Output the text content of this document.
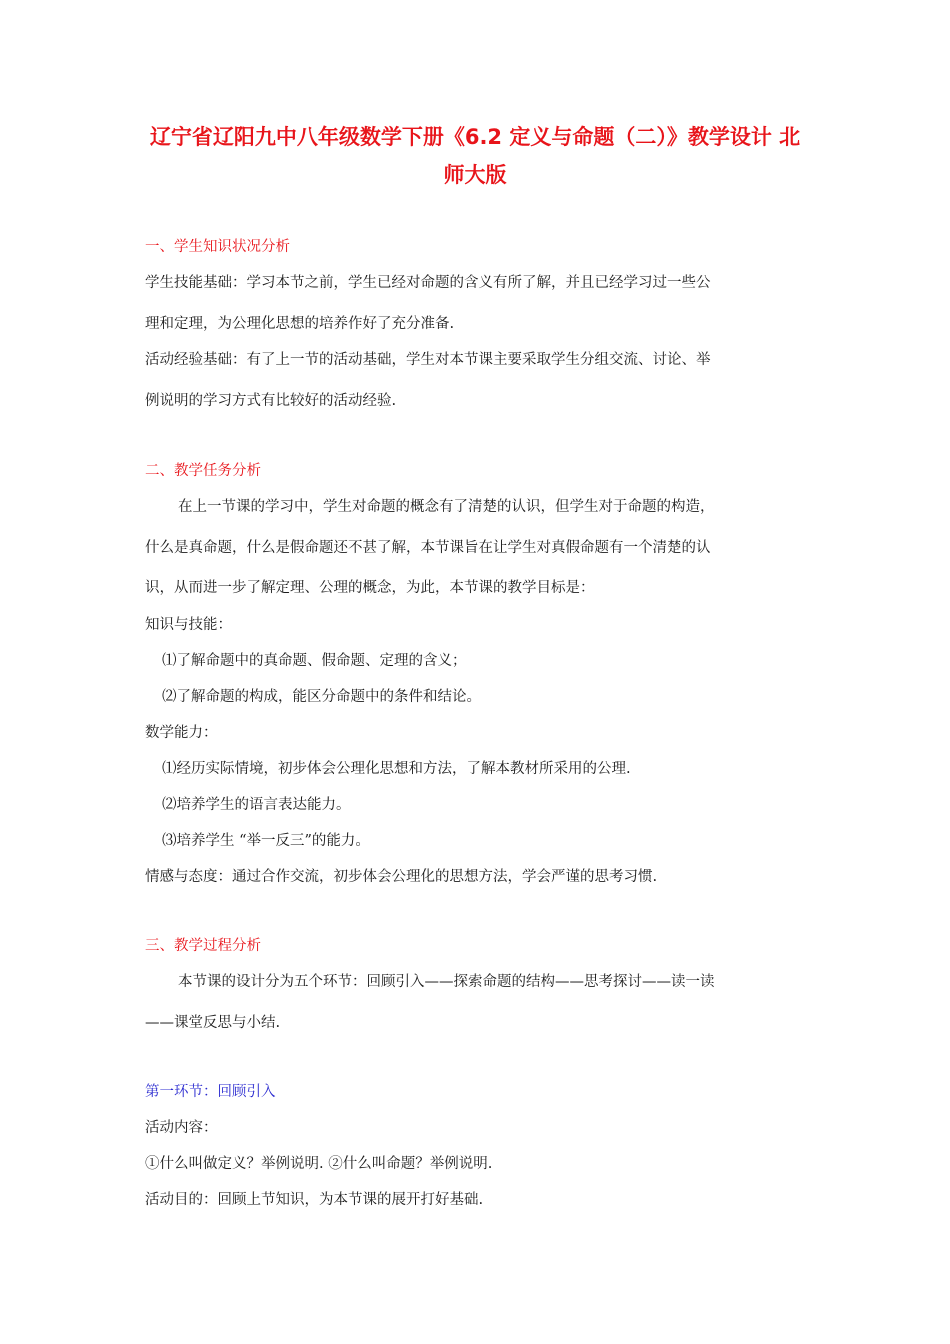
辽宁省辽阳九中八年级数学下册《6.2 定义与命题（二）》教学设计 北师大版
一、学生知识状况分析
学生技能基础：学习本节之前，学生已经对命题的含义有所了解，并且已经学习过一些公
理和定理，为公理化思想的培养作好了充分准备.
活动经验基础：有了上一节的活动基础，学生对本节课主要采取学生分组交流、讨论、举
例说明的学习方式有比较好的活动经验.
二、教学任务分析
在上一节课的学习中，学生对命题的概念有了清楚的认识，但学生对于命题的构造，
什么是真命题，什么是假命题还不甚了解，本节课旨在让学生对真假命题有一个清楚的认
识，从而进一步了解定理、公理的概念，为此，本节课的教学目标是：
知识与技能：
⑴了解命题中的真命题、假命题、定理的含义；
⑵了解命题的构成，能区分命题中的条件和结论。
数学能力：
⑴经历实际情境，初步体会公理化思想和方法，了解本教材所采用的公理.
⑵培养学生的语言表达能力。
⑶培养学生 “举一反三”的能力。
情感与态度：通过合作交流，初步体会公理化的思想方法，学会严谨的思考习惯.
三、教学过程分析
本节课的设计分为五个环节：回顾引入——探索命题的结构——思考探讨——读一读
——课堂反思与小结.
第一环节：回顾引入
活动内容：
①什么叫做定义？举例说明. ②什么叫命题？举例说明.
活动目的：回顾上节知识，为本节课的展开打好基础.
